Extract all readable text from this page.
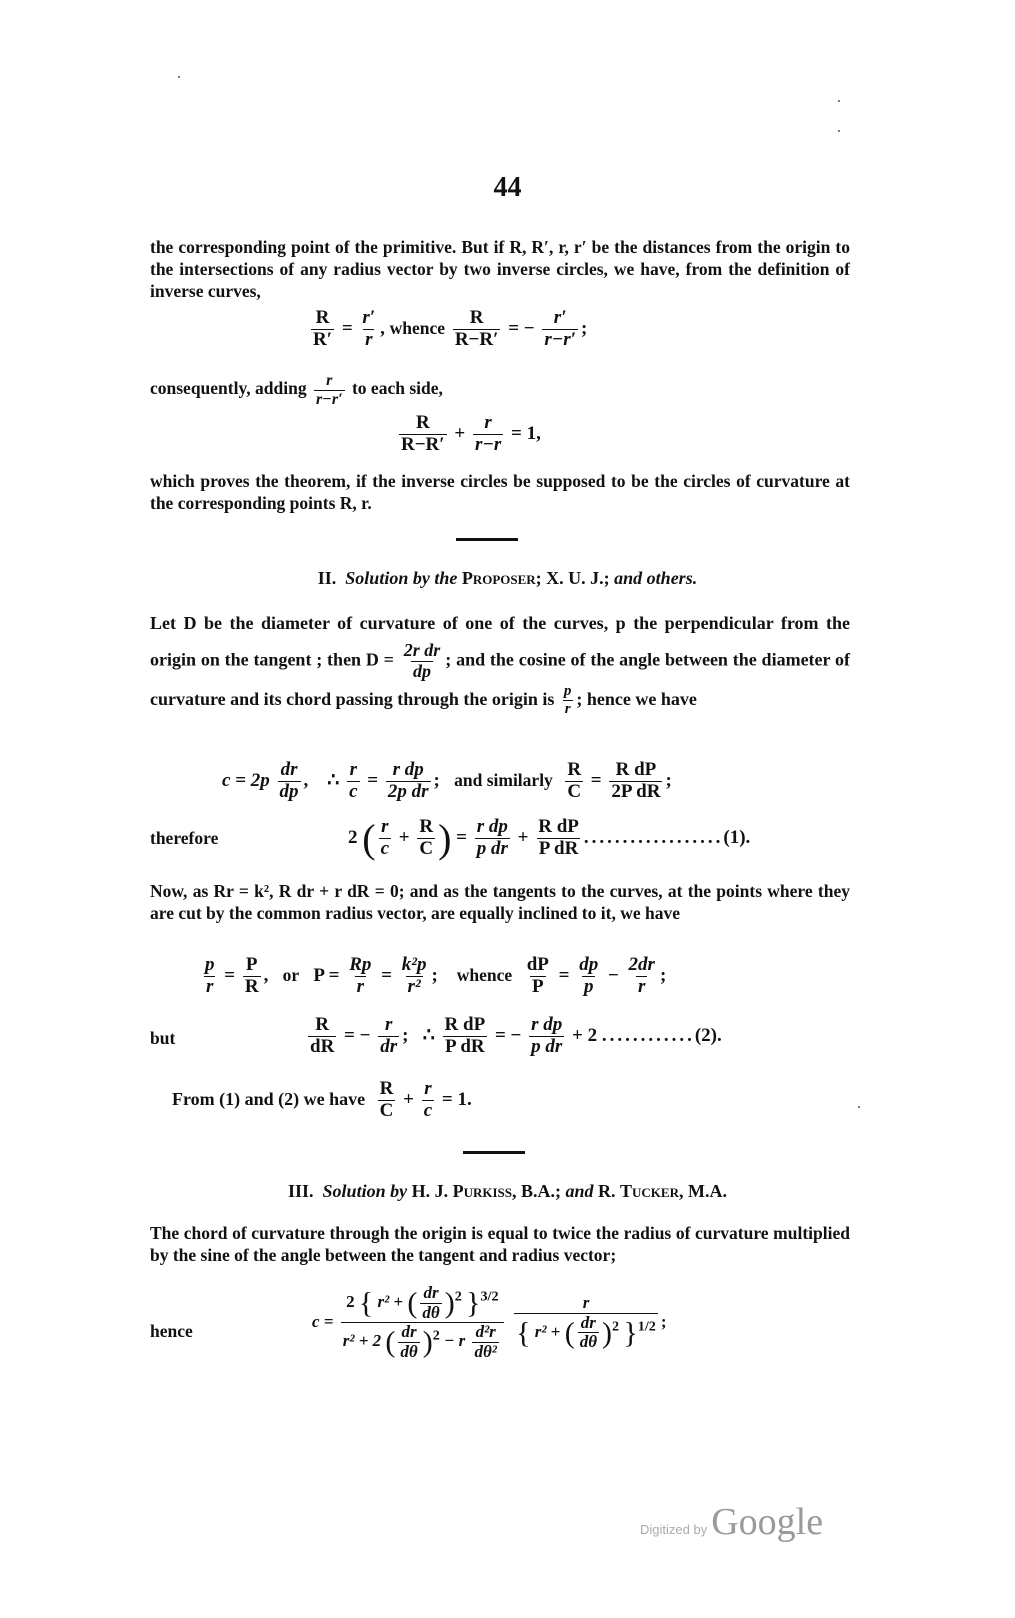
44
the corresponding point of the primitive. But if R, R′, r, r′ be the distances from the origin to the intersections of any radius vector by two inverse circles, we have, from the definition of inverse curves,
$\frac{R}{R'} = \frac{r'}{r}$ , whence $\frac{R}{R-R'}$ = − $\frac{r'}{r-r'}$ ;
consequently, adding $\frac{r}{r-r'}$ to each side,
$\frac{R}{R-R'} + \frac{r}{r-r} = 1$,
which proves the theorem, if the inverse circles be supposed to be the circles of curvature at the corresponding points R, r.
II. Solution by the Proposer; X. U. J.; and others.
Let D be the diameter of curvature of one of the curves, p the perpendicular from the origin on the tangent ; then $D = \frac{\text{2r dr}}{dp}$ ; and the cosine of the angle between the diameter of curvature and its chord passing through the origin is $\frac{p}{r}$ ; hence we have
$c = 2p \frac{dr}{dp}$ , ∴ $\frac{r}{c} = \frac{\text{r dp}}{\text{2p dr}}$ ; and similarly $\frac{R}{C} = \frac{\text{R dP}}{\text{2P dR}}$ ;
therefore	2 ( $\frac{r}{c} + \frac{R}{C}$ ) = $\frac{\text{r dp}}{\text{p dr}} + \frac{\text{R dP}}{\text{P dR}} ..................(1)$.
Now, as Rr = k², R dr + r dR = 0; and as the tangents to the curves, at the points where they are cut by the common radius vector, are equally inclined to it, we have
$\frac{p}{r} = \frac{P}{R}$ , or $P = \frac{Rp}{r} = \frac{\text{k²p}}{\text{r²}}$ ; whence $\frac{dP}{P} = \frac{dp}{p} - \frac{2dr}{r}$ ;
but	$\frac{R}{dR}$ = − $\frac{r}{dr}$ ; ∴ $\frac{\text{R dP}}{\text{P dR}}$ = − $\frac{\text{r dp}}{\text{p dr}} + 2$ ............(2).
From (1) and (2) we have $\frac{R}{C} + \frac{r}{c} = 1$.
III. Solution by H. J. Purkiss, B.A.; and R. Tucker, M.A.
The chord of curvature through the origin is equal to twice the radius of curvature multiplied by the sine of the angle between the tangent and radius vector;
hence	$c = \frac{2 \{ r^2 + ( \frac{dr}{d\theta} )^2 \}^{3/2}}{r^2 + 2 ( \frac{dr}{d\theta} )^2 - r \frac{\text{d²r}}{\text{dθ²}}}$
$\frac{r}{\{ r^2 + ( \frac{dr}{d\theta} )^2 \}^{1/2}}$ ;
Digitized by Google
